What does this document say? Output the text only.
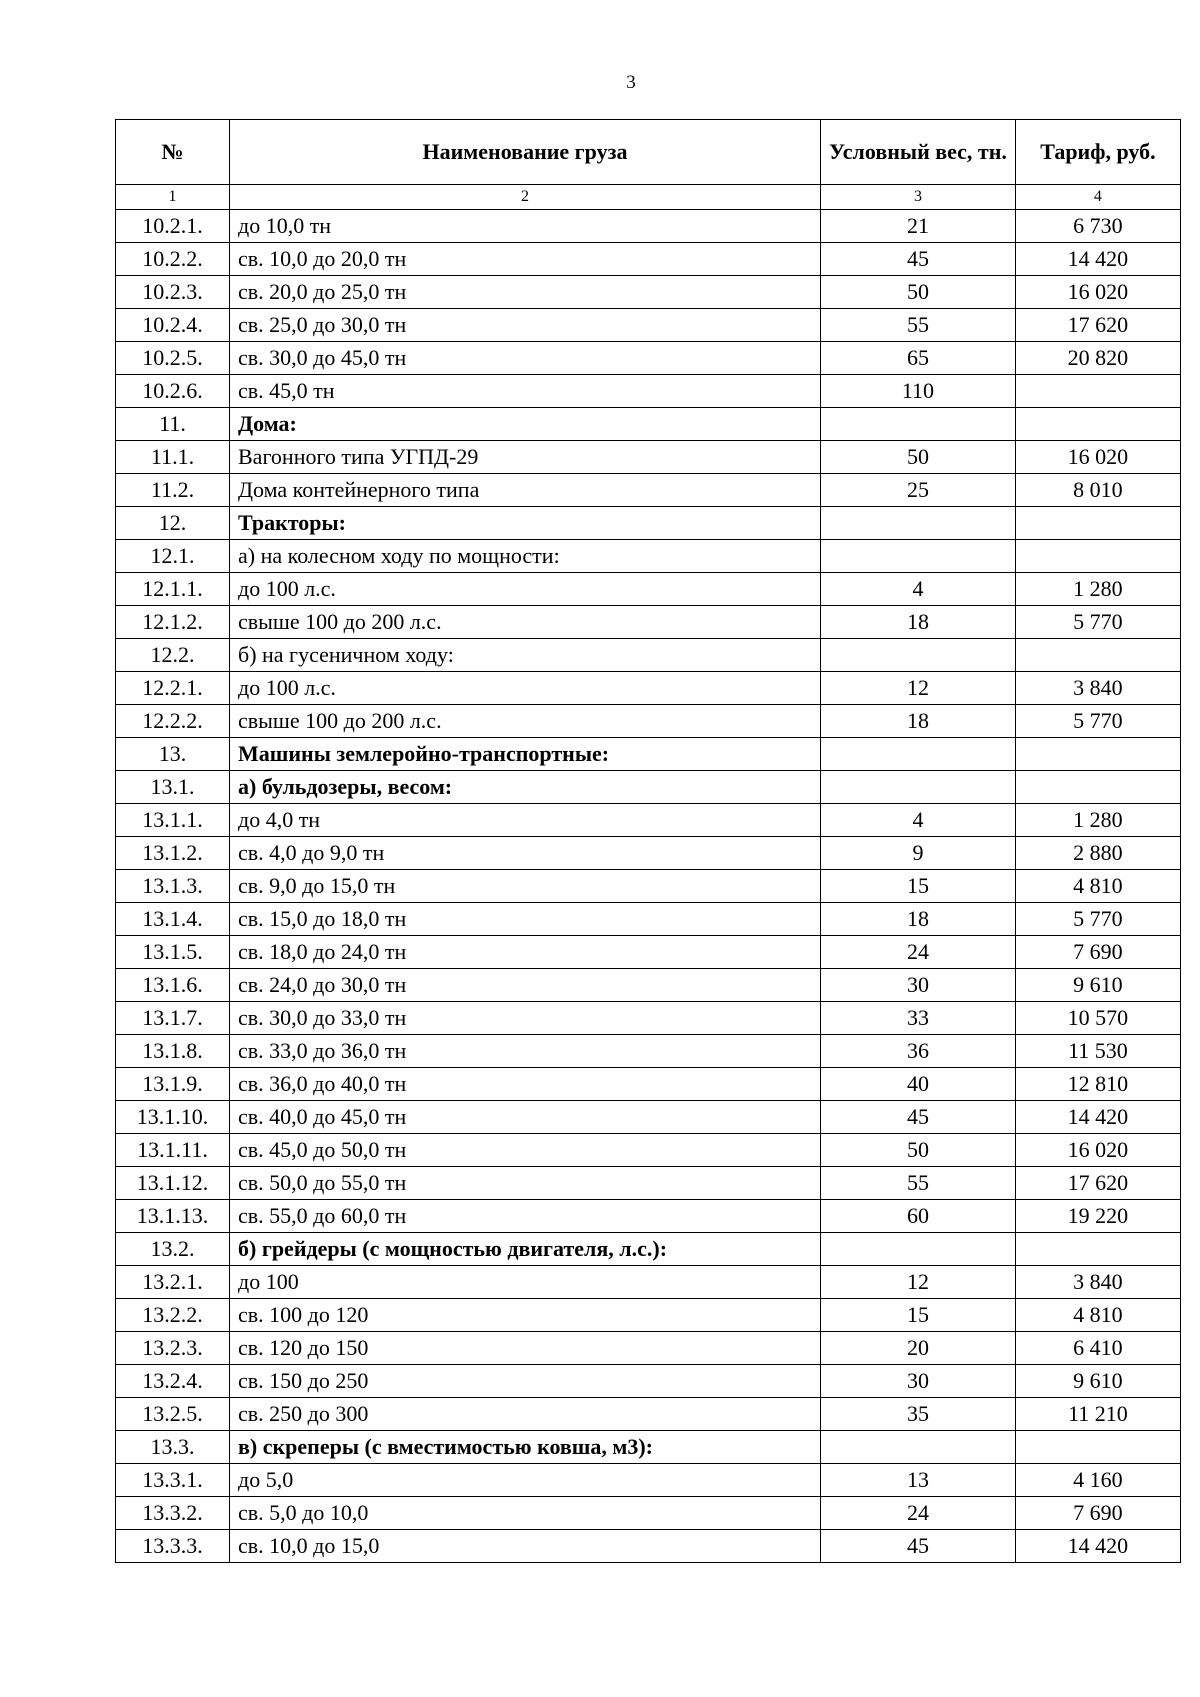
3
№	Наименование груза	Условный вес, тн.	Тариф, руб.
1	2	3	4
10.2.1.	до 10,0 тн	21	6 730
10.2.2.	св. 10,0 до 20,0 тн	45	14 420
10.2.3.	св. 20,0 до 25,0 тн	50	16 020
10.2.4.	св. 25,0 до 30,0 тн	55	17 620
10.2.5.	св. 30,0 до 45,0 тн	65	20 820
10.2.6.	св. 45,0 тн	110	
11.	Дома:		
11.1.	Вагонного типа УГПД-29	50	16 020
11.2.	Дома контейнерного типа	25	8 010
12.	Тракторы:		
12.1.	а) на колесном ходу по мощности:		
12.1.1.	до 100 л.с.	4	1 280
12.1.2.	свыше 100 до 200 л.с.	18	5 770
12.2.	б) на гусеничном ходу:		
12.2.1.	до 100 л.с.	12	3 840
12.2.2.	свыше 100 до 200 л.с.	18	5 770
13.	Машины землеройно-транспортные:		
13.1.	а) бульдозеры, весом:		
13.1.1.	до 4,0 тн	4	1 280
13.1.2.	св. 4,0 до 9,0 тн	9	2 880
13.1.3.	св. 9,0 до 15,0 тн	15	4 810
13.1.4.	св. 15,0 до 18,0 тн	18	5 770
13.1.5.	св. 18,0 до 24,0 тн	24	7 690
13.1.6.	св. 24,0 до 30,0 тн	30	9 610
13.1.7.	св. 30,0 до 33,0 тн	33	10 570
13.1.8.	св. 33,0 до 36,0 тн	36	11 530
13.1.9.	св. 36,0 до 40,0 тн	40	12 810
13.1.10.	св. 40,0 до 45,0 тн	45	14 420
13.1.11.	св. 45,0 до 50,0 тн	50	16 020
13.1.12.	св. 50,0 до 55,0 тн	55	17 620
13.1.13.	св. 55,0 до 60,0 тн	60	19 220
13.2.	б) грейдеры (с мощностью двигателя, л.с.):		
13.2.1.	до 100	12	3 840
13.2.2.	св. 100 до 120	15	4 810
13.2.3.	св. 120 до 150	20	6 410
13.2.4.	св. 150 до 250	30	9 610
13.2.5.	св. 250 до 300	35	11 210
13.3.	в) скреперы (с вместимостью ковша, м3):		
13.3.1.	до 5,0	13	4 160
13.3.2.	св. 5,0 до 10,0	24	7 690
13.3.3.	св. 10,0 до 15,0	45	14 420
